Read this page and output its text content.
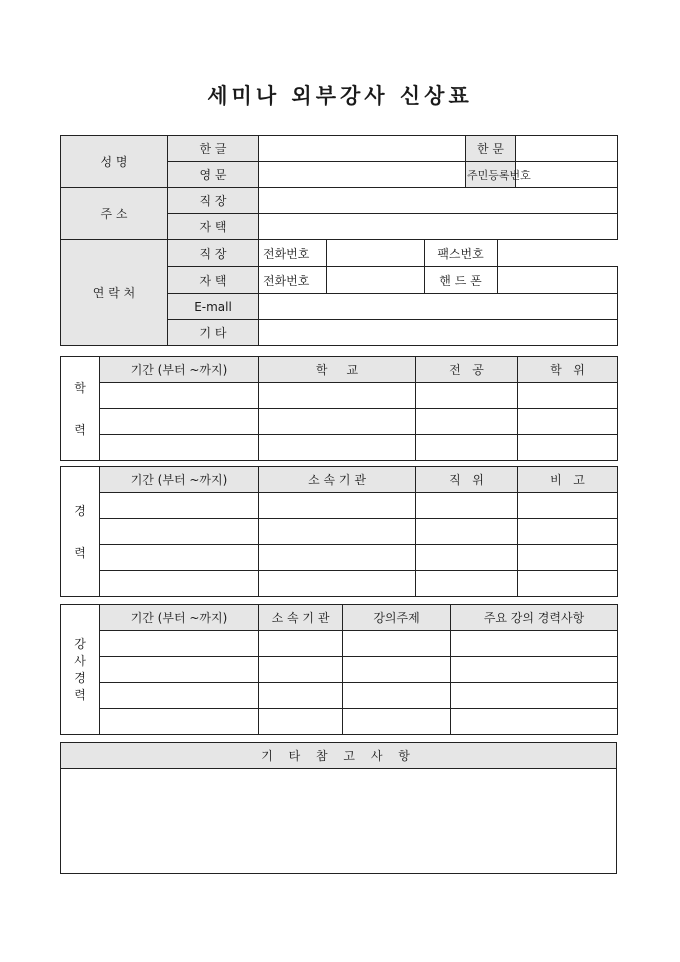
세미나 외부강사 신상표
성 명	한 글		한 문	
영 문		주민등록번호	
주 소	직 장	
자 택	
연 락 처	직 장		전화번호		팩스번호	

자 택		전화번호		핸 드 폰	

E-mall	
기 타	
학
력	기간 (부터 ~까지)	학     교	전   공	학   위

경
력	기간 (부터 ~까지)	소 속 기 관	직   위	비   고

강
사
경
력	기간 (부터 ~까지)	소 속 기 관	강의주제	주요 강의 경력사항

기 타 참 고 사 항
